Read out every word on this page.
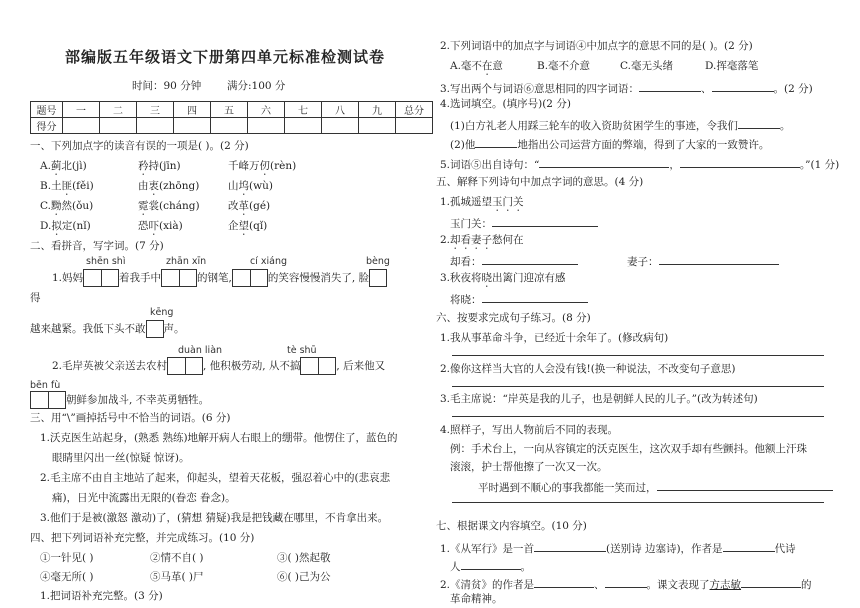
部编版五年级语文下册第四单元标准检测试卷
时间：90 分钟 满分:100 分
题号	一	二	三	四	五	六	七	八	九	总分
得分										
一、下列加点字的读音有误的一项是( )。(2 分)
A.蓟北(jì)	矜持(jīn)	千峰万仞(rèn)
B.土匪(fěi)	由衷(zhōng)	山坞(wù)
C.黝然(ǒu)	霓裳(cháng)	改革(gé)
D.拟定(nǐ)	恐吓(xià)	企望(qǐ)
二、看拼音，写字词。(7 分)
shēn shì	zhān xīn	cí xiáng	bèng
1.妈妈	着我手中	的钢笔,	的笑容慢慢消失了, 脸
得
kēng
越来越紧。我低下头不敢 声。
duàn liàn	tè shū
2.毛岸英被父亲送去农村	, 他积极劳动, 从不搞	, 后来他又
bēn fù
朝鲜参加战斗, 不幸英勇牺牲。
三、用“\”画掉括号中不恰当的词语。(6 分)
1.沃克医生站起身，(熟悉 熟练)地解开病人右眼上的绷带。他愣住了，蓝色的
眼睛里闪出一丝(惊疑 惊讶)。
2.毛主席不由自主地站了起来，仰起头，望着天花板，强忍着心中的(悲哀悲
痛)，日光中流露出无限的(眷恋 眷念)。
3.他们于是被(激怒 激动)了，(猜想 猜疑)我是把钱藏在哪里，不肯拿出来。
四、把下列词语补充完整，并完成练习。(10 分)
①一针见( )	②情不自( )	③( )然起敬
④毫无所( )	⑤马革( )尸	⑥( )己为公
1.把词语补充完整。(3 分)
2.下列词语中的加点字与词语④中加点字的意思不同的是( )。(2 分)
A.毫不在意	B.毫不介意	C.毫无头绪	D.挥毫落笔
3.写出两个与词语⑥意思相同的四字词语：	、	。(2 分)
4.选词填空。(填序号)(2 分)
(1)白方礼老人用踩三轮车的收入资助贫困学生的事迹，令我们	。
(2)他	地指出公司运营方面的弊端，得到了大家的一致赞许。
5.词语⑤出自诗句：“	，	。”(1 分)
五、解释下列诗句中加点字词的意思。(4 分)
1.孤城遥望玉门关
玉门关：
2.却看妻子愁何在
却看：	妻子：
3.秋夜将晓出篱门迎凉有感
将晓：
六、按要求完成句子练习。(8 分)
1.我从事革命斗争，已经近十余年了。(修改病句)
2.像你这样当大官的人会没有钱!(换一种说法，不改变句子意思)
3.毛主席说：“岸英是我的儿子，也是朝鲜人民的儿子。”(改为转述句)
4.照样子，写出人物前后不同的表现。
例：手术台上，一向从容镇定的沃克医生，这次双手却有些颤抖。他额上汗珠
滚滚，护士帮他擦了一次又一次。
平时遇到不顺心的事我都能一笑而过，
七、根据课文内容填空。(10 分)
1.《从军行》是一首	(送别诗 边塞诗)，作者是	代诗
人	。
2.《清贫》的作者是	、	。课文表现了方志敏	的
革命精神。
